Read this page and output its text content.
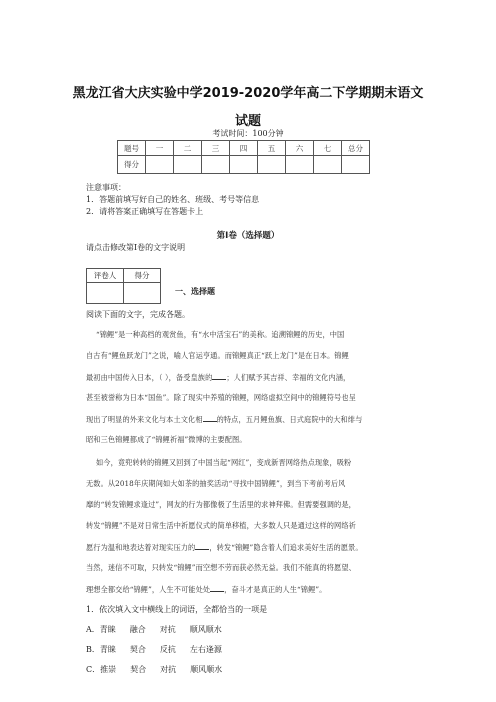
黑龙江省大庆实验中学2019-2020学年高二下学期期末语文
试题
考试时间：100分钟
题号	一	二	三	四	五	六	七	总分
得分								
注意事项：
1．答题前填写好自己的姓名、班级、考号等信息
2．请将答案正确填写在答题卡上
第I卷（选择题）
请点击修改第I卷的文字说明
评卷人	得分

一、选择题
阅读下面的文字，完成各题。
“锦鲤”是一种高档的观赏鱼，有“水中活宝石”的美称。追溯锦鲤的历史，中国
自古有“鲤鱼跃龙门”之说，喻人官运亨通。而锦鲤真正“跃上龙门”是在日本。锦鲤
最初由中国传入日本，（ ），备受皇族的 ；人们赋予其吉祥、幸福的文化内涵，
甚至被誉称为日本“国鱼”。除了现实中养殖的锦鲤，网络虚拟空间中的锦鲤符号也呈
现出了明显的外来文化与本土文化相 的特点，五月鲤鱼旗、日式庭院中的大和绯与
昭和三色锦鲤都成了“锦鲤祈福”微博的主要配图。
如今，竟兜转转的锦鲤又回到了中国当起“网红”，变成新晋网络热点现象，吸粉
无数。从2018年庆期间如大如茶的抽奖活动“寻找中国锦鲤”，到当下考前考后风
靡的“转发锦鲤求逢过”，网友的行为都像极了生活里的求神拜佛。但需要强调的是，
转发“锦鲤”不是对日常生活中祈愿仪式的简单移植，大多数人只是通过这样的网络祈
愿行为温和地表达着对现实压力的 ，转发“锦鲤”隐含着人们追求美好生活的愿景。
当然，迷信不可取，只转发“锦鲤”而空想不劳而获必然无益。我们不能真的将愿望、
理想全都交给“锦鲤”，人生不可能处处 ，奋斗才是真正的人生“锦鲤”。
1．依次填入文中横线上的词语，全都恰当的一项是
A．青睐 融合 对抗 顺风顺水
B．青睐 契合 反抗 左右逢源
C．推崇 契合 对抗 顺风顺水
